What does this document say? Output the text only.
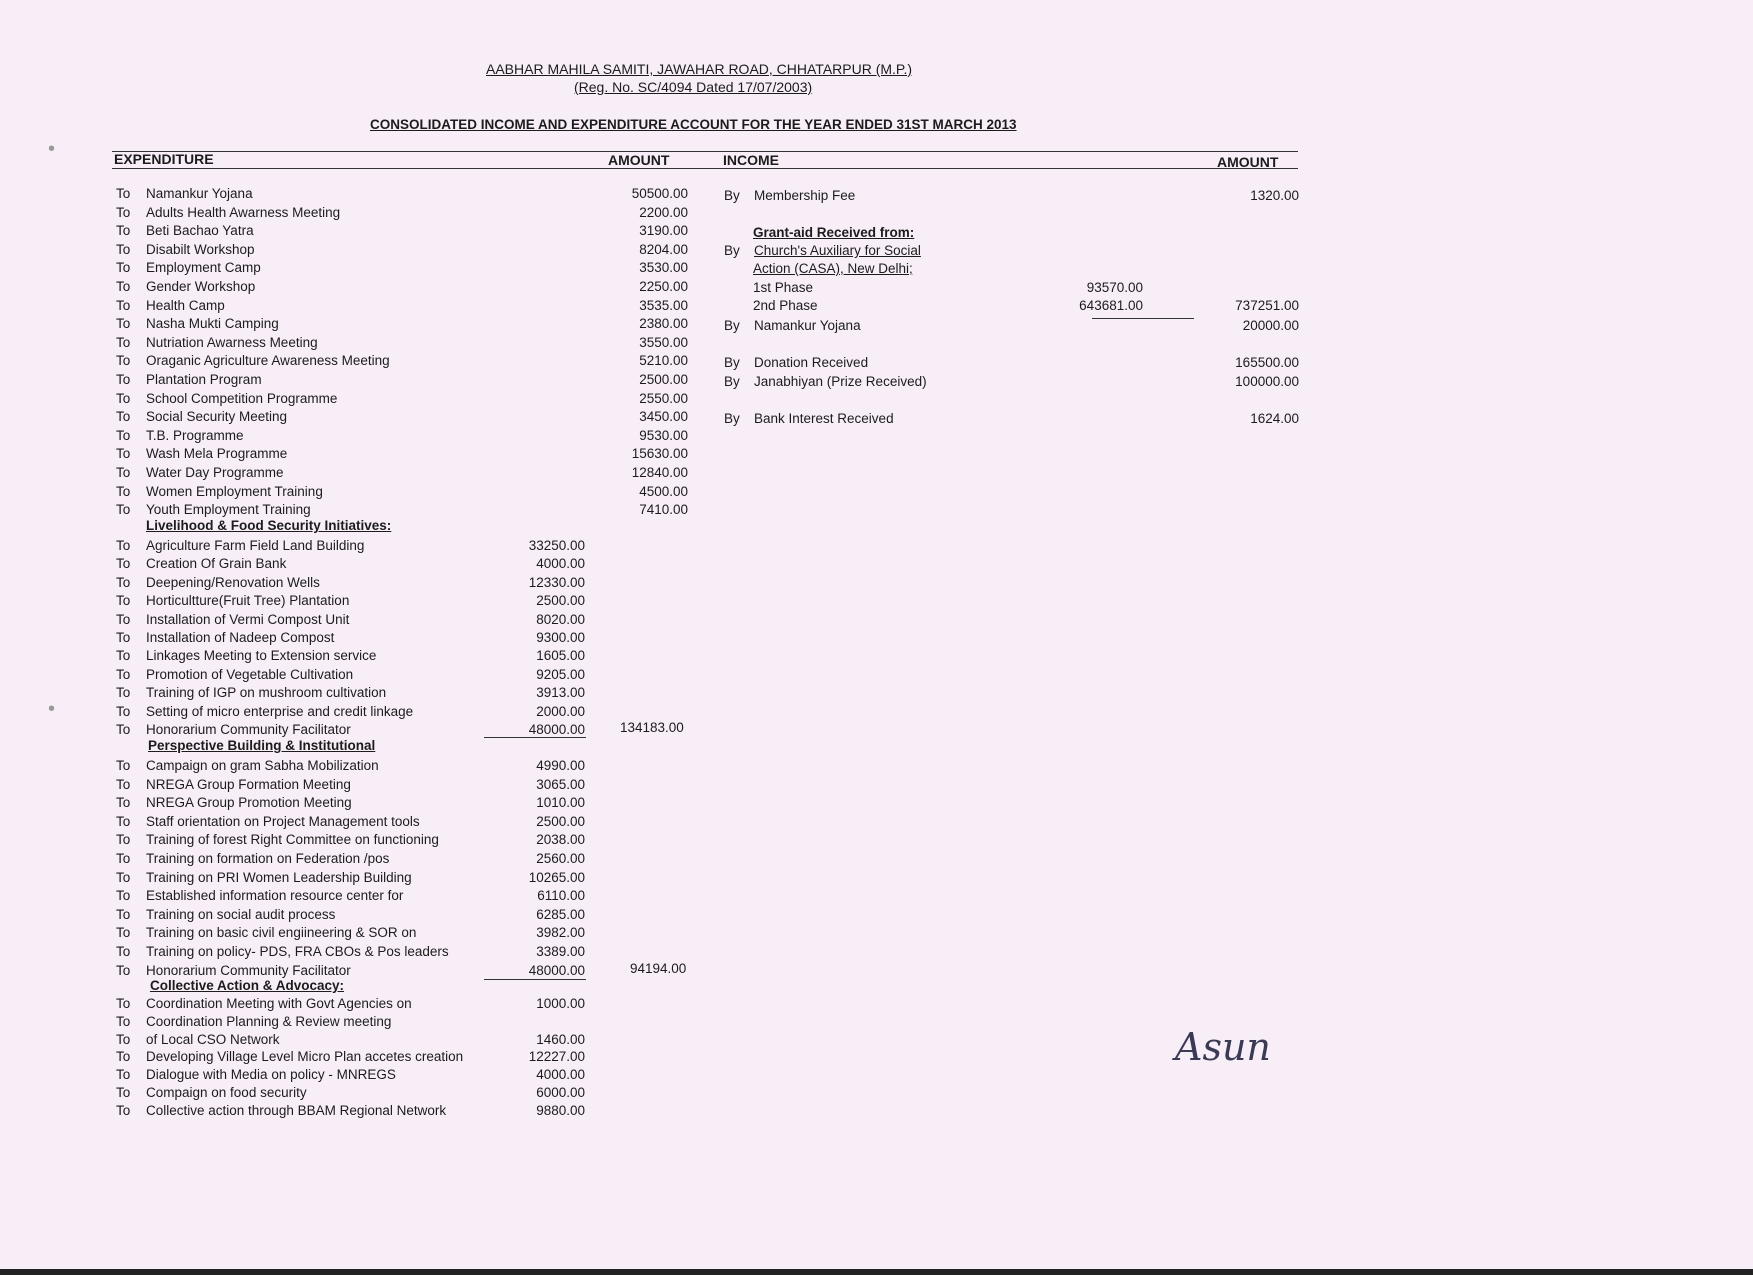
AABHAR MAHILA SAMITI, JAWAHAR ROAD, CHHATARPUR (M.P.)
(Reg. No. SC/4094 Dated 17/07/2003)
CONSOLIDATED INCOME AND EXPENDITURE ACCOUNT FOR THE YEAR ENDED 31ST MARCH 2013
EXPENDITURE	AMOUNT	INCOME	AMOUNT
To	Namankur Yojana	50500.00
To	Adults Health Awarness Meeting	2200.00
To	Beti Bachao Yatra	3190.00
To	Disabilt Workshop	8204.00
To	Employment Camp	3530.00
To	Gender Workshop	2250.00
To	Health Camp	3535.00
To	Nasha Mukti Camping	2380.00
To	Nutriation Awarness Meeting	3550.00
To	Oraganic Agriculture Awareness Meeting	5210.00
To	Plantation Program	2500.00
To	School Competition Programme	2550.00
To	Social Security Meeting	3450.00
To	T.B. Programme	9530.00
To	Wash Mela Programme	15630.00
To	Water Day Programme	12840.00
To	Women Employment Training	4500.00
To	Youth Employment Training	7410.00
Livelihood & Food Security Initiatives:
To	Agriculture Farm Field Land Building	33250.00
To	Creation Of Grain Bank	4000.00
To	Deepening/Renovation Wells	12330.00
To	Horticultture(Fruit Tree) Plantation	2500.00
To	Installation of Vermi Compost Unit	8020.00
To	Installation of Nadeep Compost	9300.00
To	Linkages Meeting to Extension service	1605.00
To	Promotion of Vegetable Cultivation	9205.00
To	Training of IGP on mushroom cultivation	3913.00
To	Setting of micro enterprise and credit linkage	2000.00
To	Honorarium Community Facilitator	48000.00	134183.00
Perspective Building & Institutional
To	Campaign on gram Sabha Mobilization	4990.00
To	NREGA Group Formation Meeting	3065.00
To	NREGA Group Promotion Meeting	1010.00
To	Staff orientation on Project Management tools	2500.00
To	Training of forest Right Committee on functioning	2038.00
To	Training on formation on Federation /pos	2560.00
To	Training on PRI Women Leadership Building	10265.00
To	Established information resource center for	6110.00
To	Training on social audit process	6285.00
To	Training on basic civil engiineering & SOR on	3982.00
To	Training on policy- PDS, FRA CBOs & Pos leaders	3389.00
To	Honorarium Community Facilitator	48000.00	94194.00
Collective Action & Advocacy:
To	Coordination Meeting with Govt Agencies on	1000.00
To	Coordination Planning & Review meeting
To	of Local CSO Network	1460.00
To	Developing Village Level Micro Plan accetes creation	12227.00
To	Dialogue with Media on policy - MNREGS	4000.00
To	Compaign on food security	6000.00
To	Collective action through BBAM Regional Network	9880.00
By	Membership Fee	1320.00
Grant-aid Received from:
By	Church's Auxiliary for Social
Action (CASA), New Delhi;
1st Phase	93570.00
2nd Phase	643681.00	737251.00
By	Namankur Yojana	20000.00
By	Donation Received	165500.00
By	Janabhiyan (Prize Received)	100000.00
By	Bank Interest Received	1624.00
Asun
•
•
